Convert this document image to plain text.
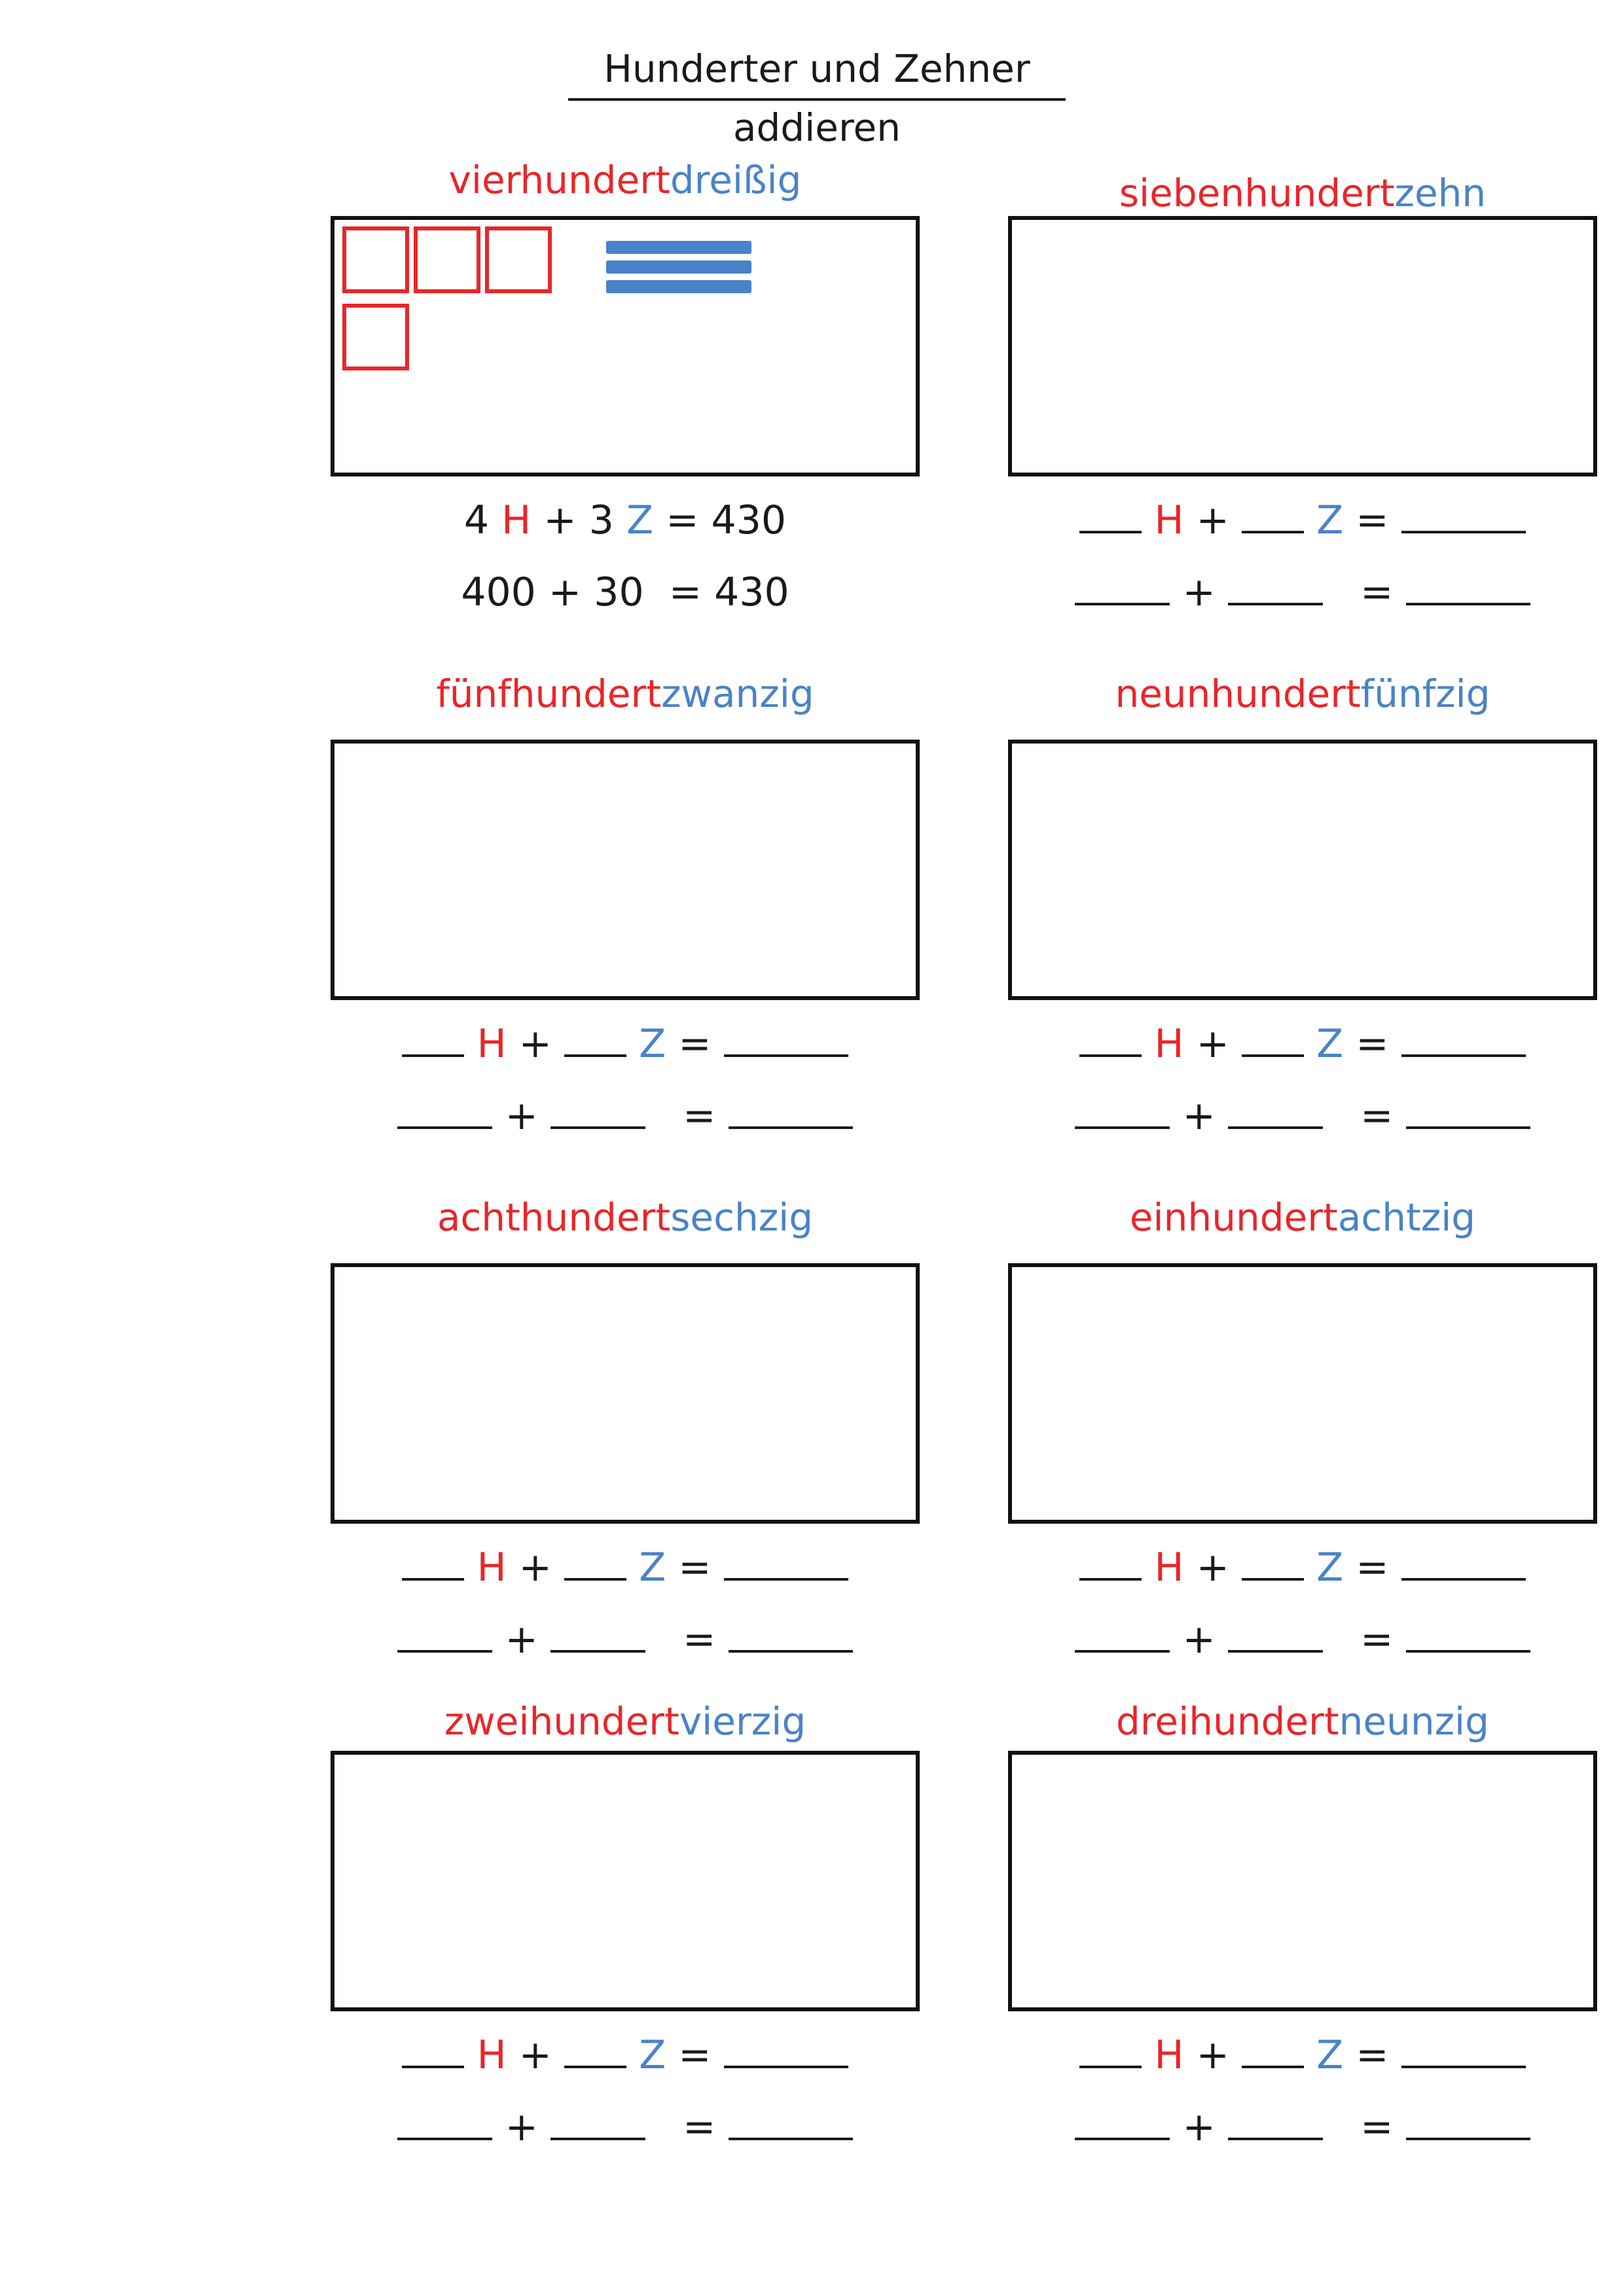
Hunderter und Zehner addieren
vierhundertdreißig
4 H + 3 Z = 430
400 + 30 = 430
siebenhundertzehn
H + Z =
+	=
fünfhundertzwanzig
H + Z =
+	=
neunhundertfünfzig
H + Z =
+	=
achthundertsechzig
H + Z =
+	=
einhundertachtzig
H + Z =
+	=
zweihundertvierzig
H + Z =
+	=
dreihundertneunzig
H + Z =
+	=
